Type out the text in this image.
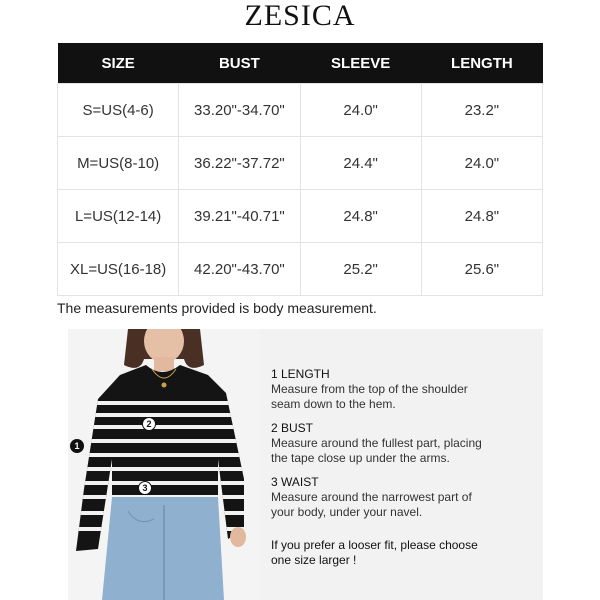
ZESICA
SIZE	BUST	SLEEVE	LENGTH
S=US(4-6)	33.20"-34.70"	24.0"	23.2"
M=US(8-10)	36.22"-37.72"	24.4"	24.0"
L=US(12-14)	39.21"-40.71"	24.8"	24.8"
XL=US(16-18)	42.20"-43.70"	25.2"	25.6"
The measurements provided is body measurement.
1
2
3
1 LENGTH
Measure from the top of the shoulder
seam down to the hem.
2 BUST
Measure around the fullest part, placing
the tape close up under the arms.
3 WAIST
Measure around the narrowest part of
your body, under your navel.
If you prefer a looser fit, please choose
one size larger !
